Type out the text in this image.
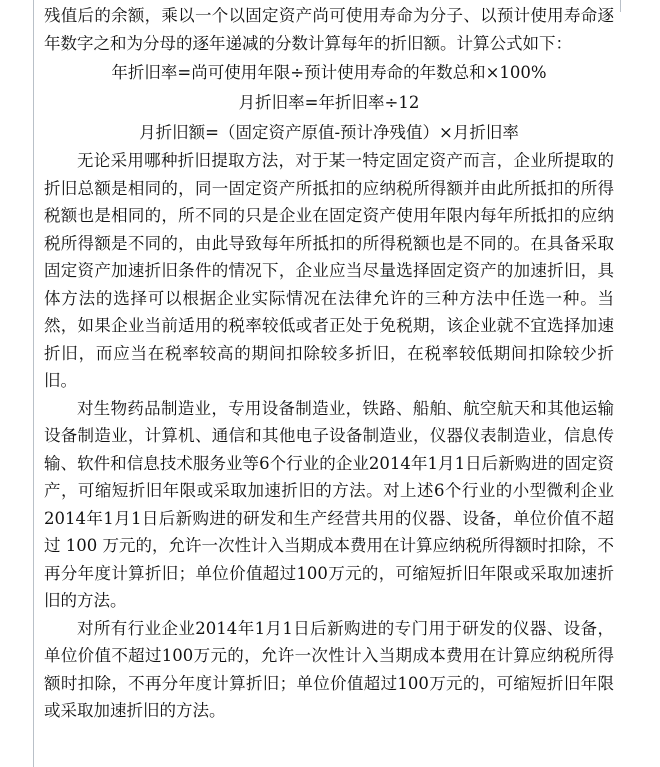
残值后的余额，乘以一个以固定资产尚可使用寿命为分子、以预计使用寿命逐年数字之和为分母的逐年递减的分数计算每年的折旧额。计算公式如下：

年折旧率=尚可使用年限÷预计使用寿命的年数总和×100%

月折旧率=年折旧率÷12

月折旧额=（固定资产原值-预计净残值）×月折旧率

无论采用哪种折旧提取方法，对于某一特定固定资产而言，企业所提取的折旧总额是相同的，同一固定资产所抵扣的应纳税所得额并由此所抵扣的所得税额也是相同的，所不同的只是企业在固定资产使用年限内每年所抵扣的应纳税所得额是不同的，由此导致每年所抵扣的所得税额也是不同的。在具备采取固定资产加速折旧条件的情况下，企业应当尽量选择固定资产的加速折旧，具体方法的选择可以根据企业实际情况在法律允许的三种方法中任选一种。当然，如果企业当前适用的税率较低或者正处于免税期，该企业就不宜选择加速折旧，而应当在税率较高的期间扣除较多折旧，在税率较低期间扣除较少折旧。

对生物药品制造业，专用设备制造业，铁路、船舶、航空航天和其他运输设备制造业，计算机、通信和其他电子设备制造业，仪器仪表制造业，信息传输、软件和信息技术服务业等6个行业的企业2014年1月1日后新购进的固定资产，可缩短折旧年限或采取加速折旧的方法。对上述6个行业的小型微利企业2014年1月1日后新购进的研发和生产经营共用的仪器、设备，单位价值不超过 100 万元的，允许一次性计入当期成本费用在计算应纳税所得额时扣除，不再分年度计算折旧；单位价值超过100万元的，可缩短折旧年限或采取加速折旧的方法。

对所有行业企业2014年1月1日后新购进的专门用于研发的仪器、设备，单位价值不超过100万元的，允许一次性计入当期成本费用在计算应纳税所得额时扣除，不再分年度计算折旧；单位价值超过100万元的，可缩短折旧年限或采取加速折旧的方法。
